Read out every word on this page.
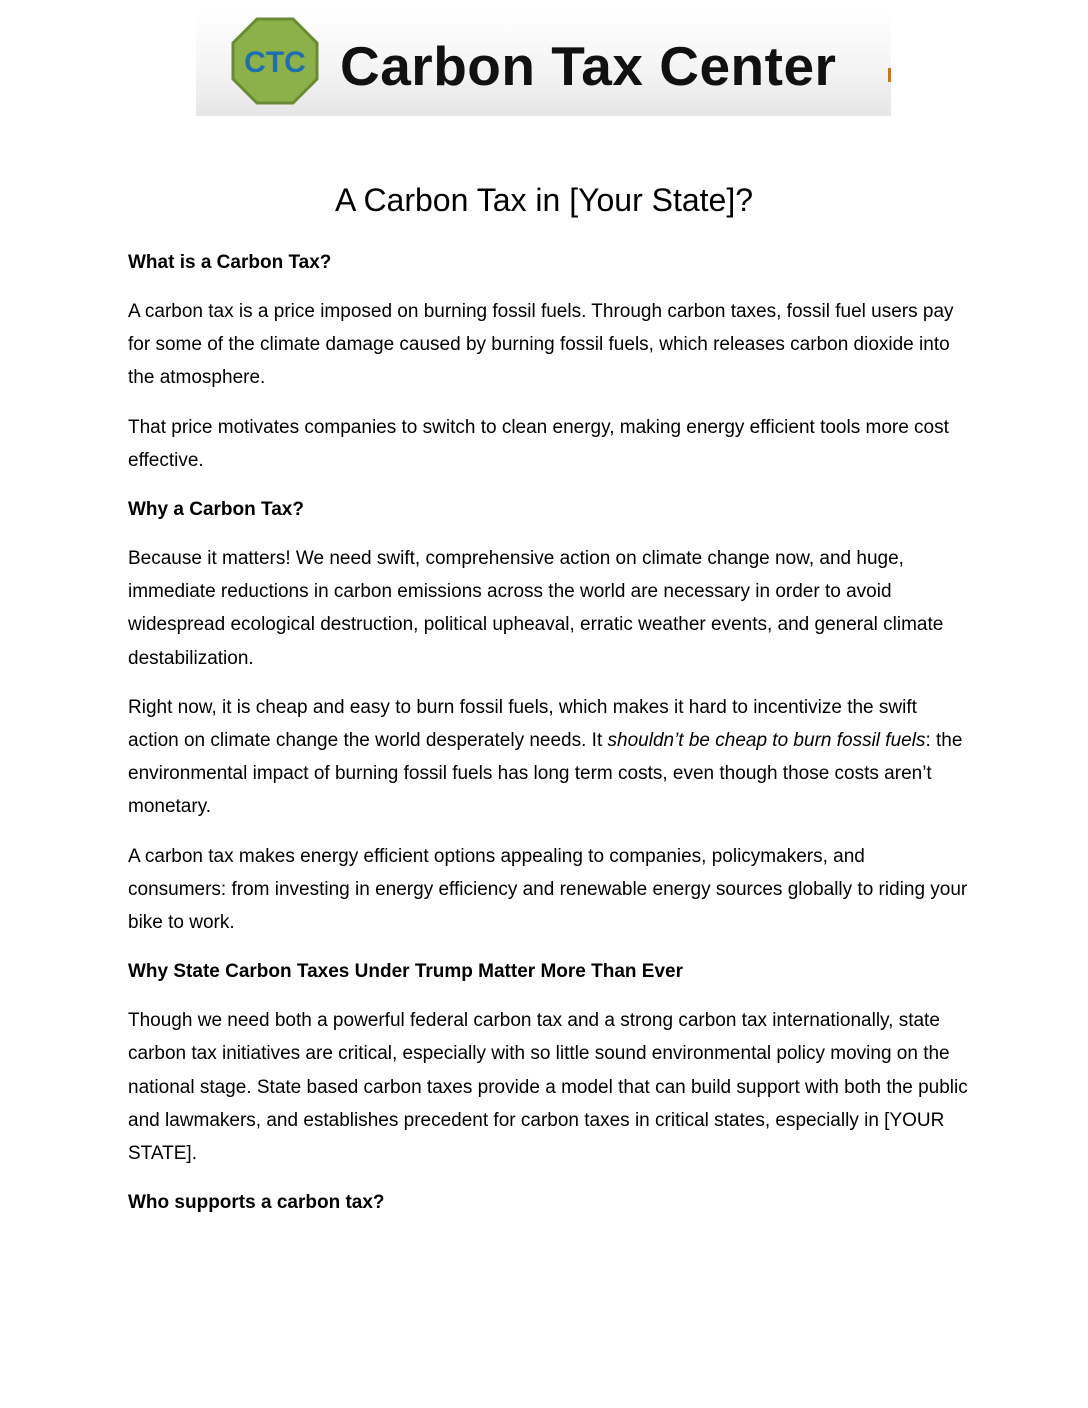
CTC Carbon Tax Center
A Carbon Tax in [Your State]?
What is a Carbon Tax?

A carbon tax is a price imposed on burning fossil fuels. Through carbon taxes, fossil fuel users pay for some of the climate damage caused by burning fossil fuels, which releases carbon dioxide into the atmosphere.

That price motivates companies to switch to clean energy, making energy efficient tools more cost effective.

Why a Carbon Tax?

Because it matters! We need swift, comprehensive action on climate change now, and huge, immediate reductions in carbon emissions across the world are necessary in order to avoid widespread ecological destruction, political upheaval, erratic weather events, and general climate destabilization.

Right now, it is cheap and easy to burn fossil fuels, which makes it hard to incentivize the swift action on climate change the world desperately needs. It shouldn’t be cheap to burn fossil fuels: the environmental impact of burning fossil fuels has long term costs, even though those costs aren’t monetary.

A carbon tax makes energy efficient options appealing to companies, policymakers, and consumers: from investing in energy efficiency and renewable energy sources globally to riding your bike to work.

Why State Carbon Taxes Under Trump Matter More Than Ever

Though we need both a powerful federal carbon tax and a strong carbon tax internationally, state carbon tax initiatives are critical, especially with so little sound environmental policy moving on the national stage. State based carbon taxes provide a model that can build support with both the public and lawmakers, and establishes precedent for carbon taxes in critical states, especially in [YOUR STATE].

Who supports a carbon tax?
